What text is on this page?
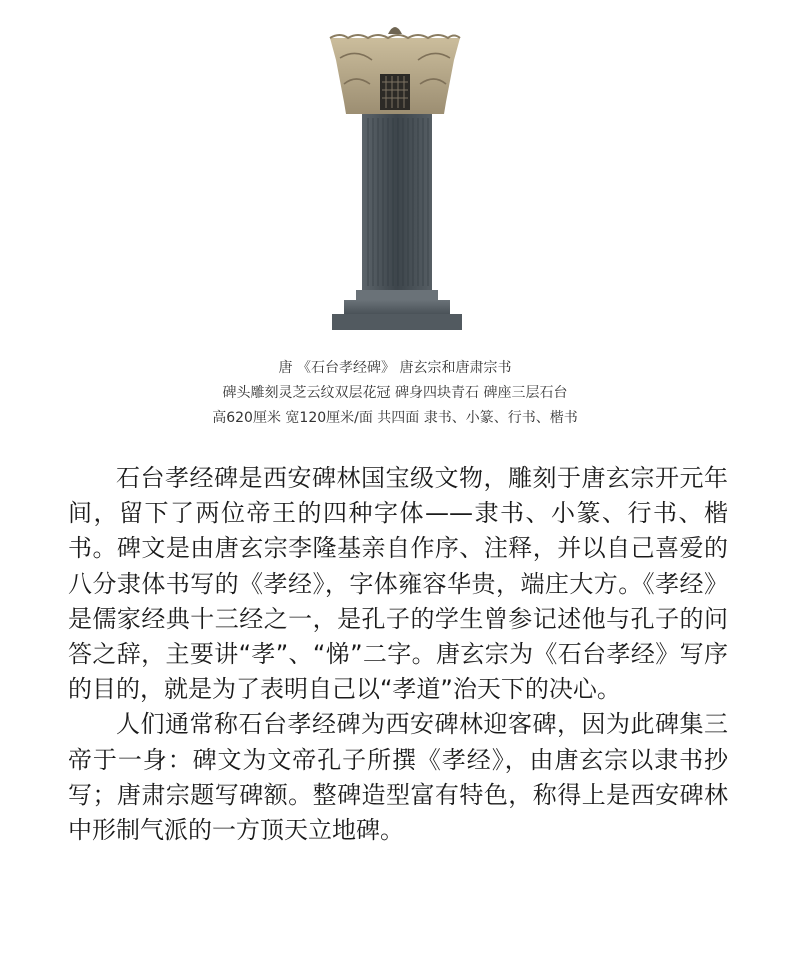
唐 《石台孝经碑》 唐玄宗和唐肃宗书
碑头雕刻灵芝云纹双层花冠 碑身四块青石 碑座三层石台
高620厘米 宽120厘米/面 共四面 隶书、小篆、行书、楷书

石台孝经碑是西安碑林国宝级文物，雕刻于唐玄宗开元年间，留下了两位帝王的四种字体——隶书、小篆、行书、楷书。碑文是由唐玄宗李隆基亲自作序、注释，并以自己喜爱的八分隶体书写的《孝经》，字体雍容华贵，端庄大方。《孝经》是儒家经典十三经之一，是孔子的学生曾参记述他与孔子的问答之辞，主要讲“孝”、“悌”二字。唐玄宗为《石台孝经》写序的目的，就是为了表明自己以“孝道”治天下的决心。

人们通常称石台孝经碑为西安碑林迎客碑，因为此碑集三帝于一身：碑文为文帝孔子所撰《孝经》，由唐玄宗以隶书抄写；唐肃宗题写碑额。整碑造型富有特色，称得上是西安碑林中形制气派的一方顶天立地碑。
